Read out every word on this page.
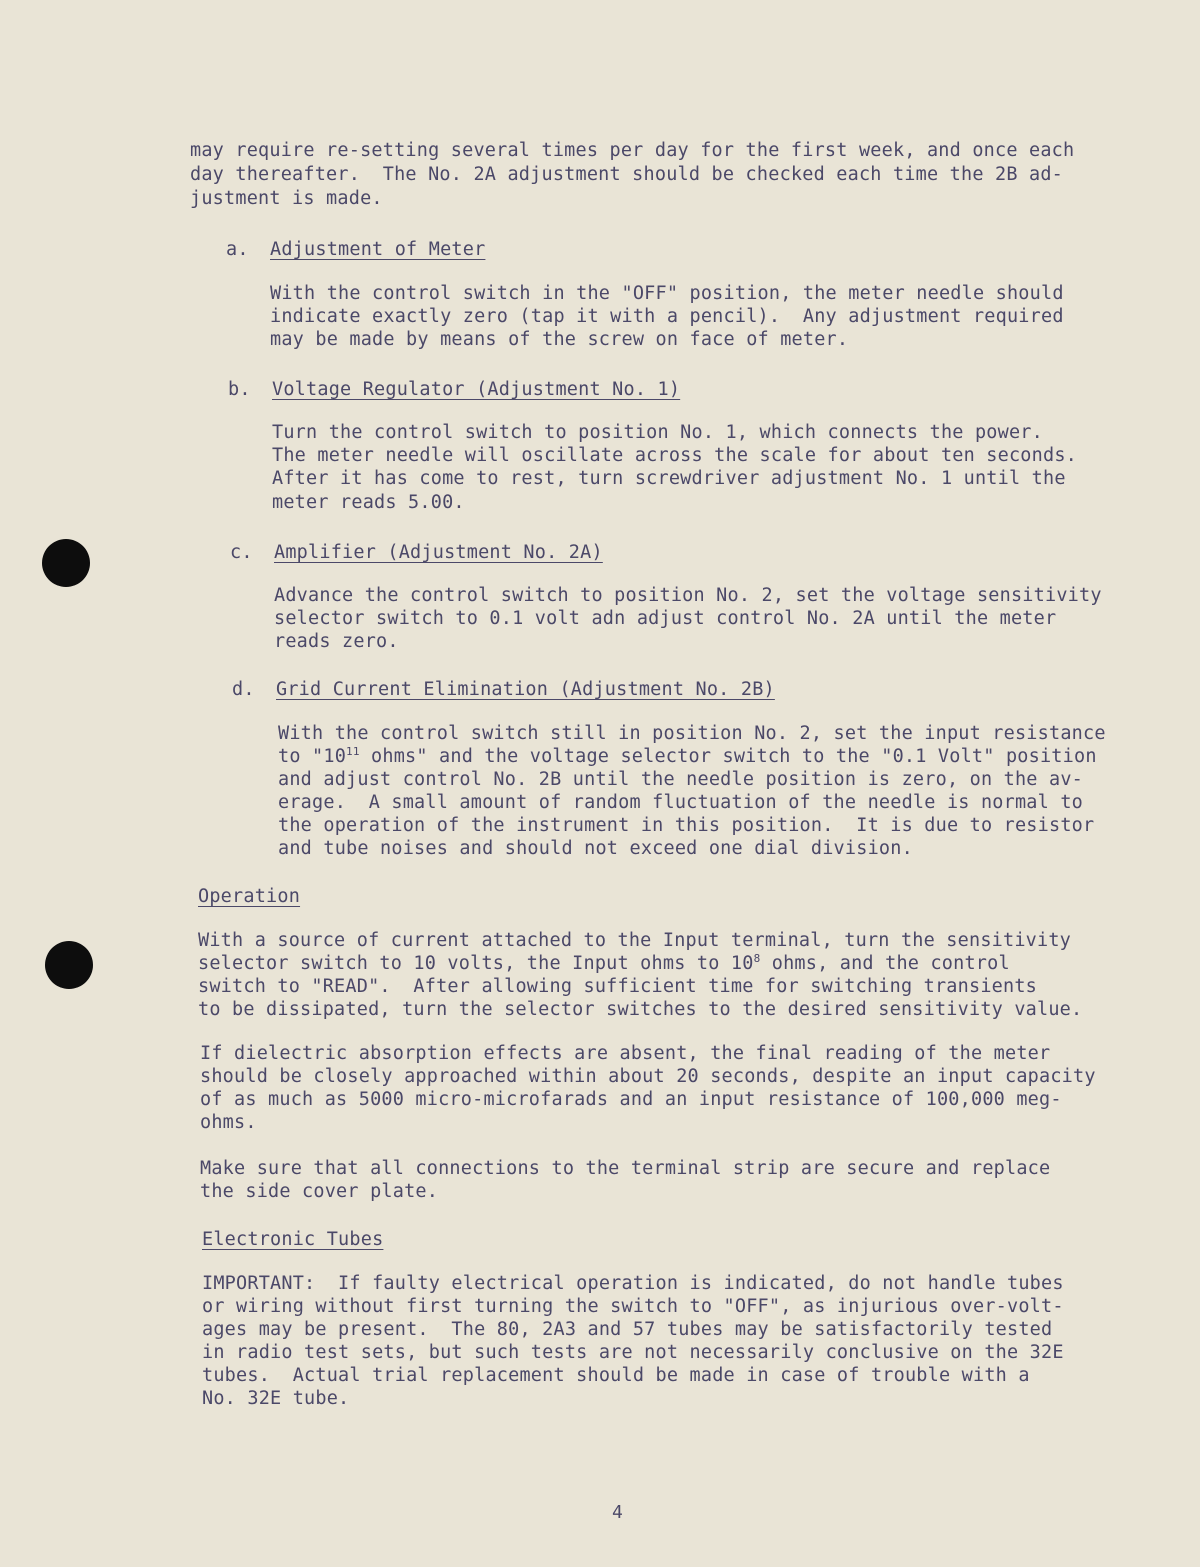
may require re-setting several times per day for the first week, and once each
day thereafter.  The No. 2A adjustment should be checked each time the 2B ad-
justment is made.
a. Adjustment of Meter
With the control switch in the "OFF" position, the meter needle should
indicate exactly zero (tap it with a pencil).  Any adjustment required
may be made by means of the screw on face of meter.
b. Voltage Regulator (Adjustment No. 1)
Turn the control switch to position No. 1, which connects the power.
The meter needle will oscillate across the scale for about ten seconds.
After it has come to rest, turn screwdriver adjustment No. 1 until the
meter reads 5.00.
c. Amplifier (Adjustment No. 2A)
Advance the control switch to position No. 2, set the voltage sensitivity
selector switch to 0.1 volt adn adjust control No. 2A until the meter
reads zero.
d. Grid Current Elimination (Adjustment No. 2B)
With the control switch still in position No. 2, set the input resistance
to "$10^{11}$ ohms" and the voltage selector switch to the "0.1 Volt" position
and adjust control No. 2B until the needle position is zero, on the av-
erage.  A small amount of random fluctuation of the needle is normal to
the operation of the instrument in this position.  It is due to resistor
and tube noises and should not exceed one dial division.
Operation
With a source of current attached to the Input terminal, turn the sensitivity
selector switch to 10 volts, the Input ohms to $10^8$ ohms, and the control
switch to "READ".  After allowing sufficient time for switching transients
to be dissipated, turn the selector switches to the desired sensitivity value.
If dielectric absorption effects are absent, the final reading of the meter
should be closely approached within about 20 seconds, despite an input capacity
of as much as 5000 micro-microfarads and an input resistance of 100,000 meg-
ohms.
Make sure that all connections to the terminal strip are secure and replace
the side cover plate.
Electronic Tubes
IMPORTANT:  If faulty electrical operation is indicated, do not handle tubes
or wiring without first turning the switch to "OFF", as injurious over-volt-
ages may be present.  The 80, 2A3 and 57 tubes may be satisfactorily tested
in radio test sets, but such tests are not necessarily conclusive on the 32E
tubes.  Actual trial replacement should be made in case of trouble with a
No. 32E tube.
4
